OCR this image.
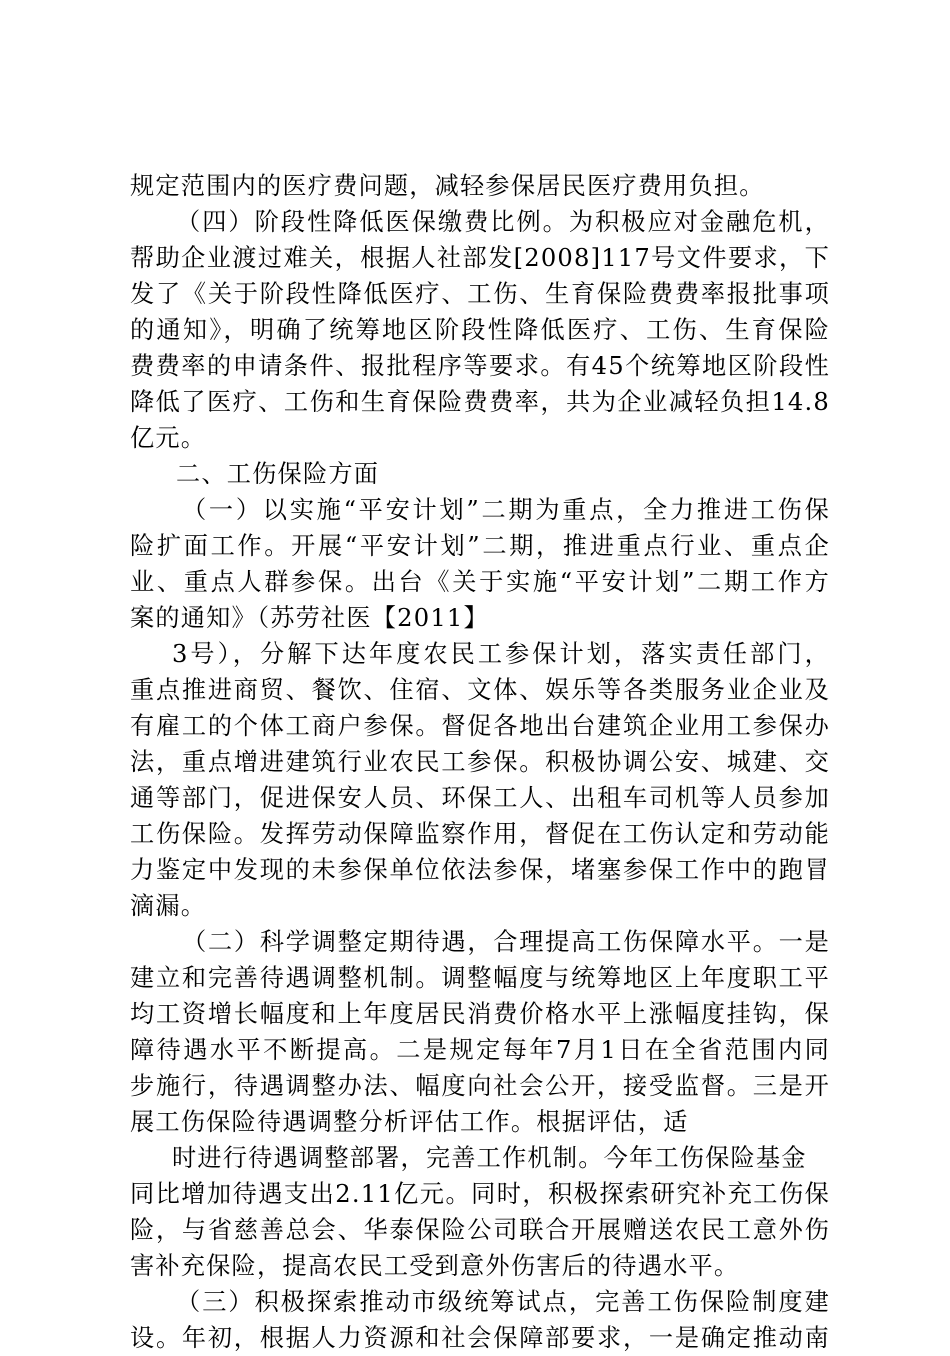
规定范围内的医疗费问题，减轻参保居民医疗费用负担。
（四）阶段性降低医保缴费比例。为积极应对金融危机，
帮助企业渡过难关，根据人社部发[2008]117号文件要求，下
发了《关于阶段性降低医疗、工伤、生育保险费费率报批事项
的通知》，明确了统筹地区阶段性降低医疗、工伤、生育保险
费费率的申请条件、报批程序等要求。有45个统筹地区阶段性
降低了医疗、工伤和生育保险费费率，共为企业减轻负担14.8
亿元。
二、工伤保险方面
（一）以实施“平安计划”二期为重点，全力推进工伤保
险扩面工作。开展“平安计划”二期，推进重点行业、重点企
业、重点人群参保。出台《关于实施“平安计划”二期工作方
案的通知》（苏劳社医【2011】
3号），分解下达年度农民工参保计划，落实责任部门，
重点推进商贸、餐饮、住宿、文体、娱乐等各类服务业企业及
有雇工的个体工商户参保。督促各地出台建筑企业用工参保办
法，重点增进建筑行业农民工参保。积极协调公安、城建、交
通等部门，促进保安人员、环保工人、出租车司机等人员参加
工伤保险。发挥劳动保障监察作用，督促在工伤认定和劳动能
力鉴定中发现的未参保单位依法参保，堵塞参保工作中的跑冒
滴漏。
（二）科学调整定期待遇，合理提高工伤保障水平。一是
建立和完善待遇调整机制。调整幅度与统筹地区上年度职工平
均工资增长幅度和上年度居民消费价格水平上涨幅度挂钩，保
障待遇水平不断提高。二是规定每年7月1日在全省范围内同
步施行，待遇调整办法、幅度向社会公开，接受监督。三是开
展工伤保险待遇调整分析评估工作。根据评估，适
时进行待遇调整部署，完善工作机制。今年工伤保险基金
同比增加待遇支出2.11亿元。同时，积极探索研究补充工伤保
险，与省慈善总会、华泰保险公司联合开展赠送农民工意外伤
害补充保险，提高农民工受到意外伤害后的待遇水平。
（三）积极探索推动市级统筹试点，完善工伤保险制度建
设。年初，根据人力资源和社会保障部要求，一是确定推动南
